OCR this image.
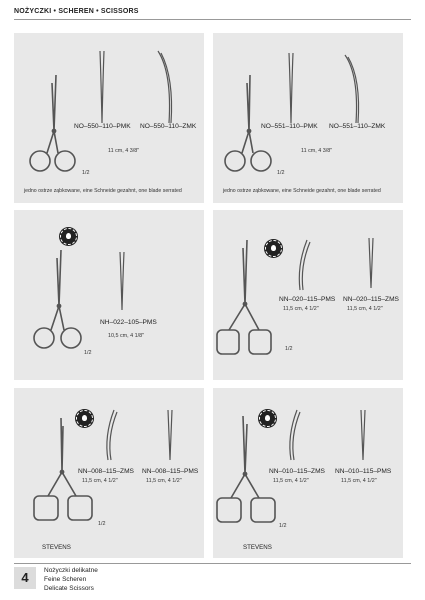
NOŻYCZKI • SCHEREN • SCISSORS
NO–550–110–PMK NO–550–110–ZMK
11 cm, 4 3/8"
1/2
jedno ostrze ząbkowane, eine Schneide gezahnt, one blade serrated
NO–551–110–PMK NO–551–110–ZMK
11 cm, 4 3/8"
1/2
jedno ostrze ząbkowane, eine Schneide gezahnt, one blade serrated
NH–022–105–PMS
10,5 cm, 4 1/8"
1/2
NN–020–115–PMS NN–020–115–ZMS
11,5 cm, 4 1/2"	11,5 cm, 4 1/2"
1/2
NN–008–115–ZMS NN–008–115–PMS
11,5 cm, 4 1/2"	11,5 cm, 4 1/2"
1/2
STEVENS
NN–010–115–ZMS NN–010–115–PMS
11,5 cm, 4 1/2"	11,5 cm, 4 1/2"
1/2
STEVENS
4	Nożyczki delikatne
Feine Scheren
Delicate Scissors
